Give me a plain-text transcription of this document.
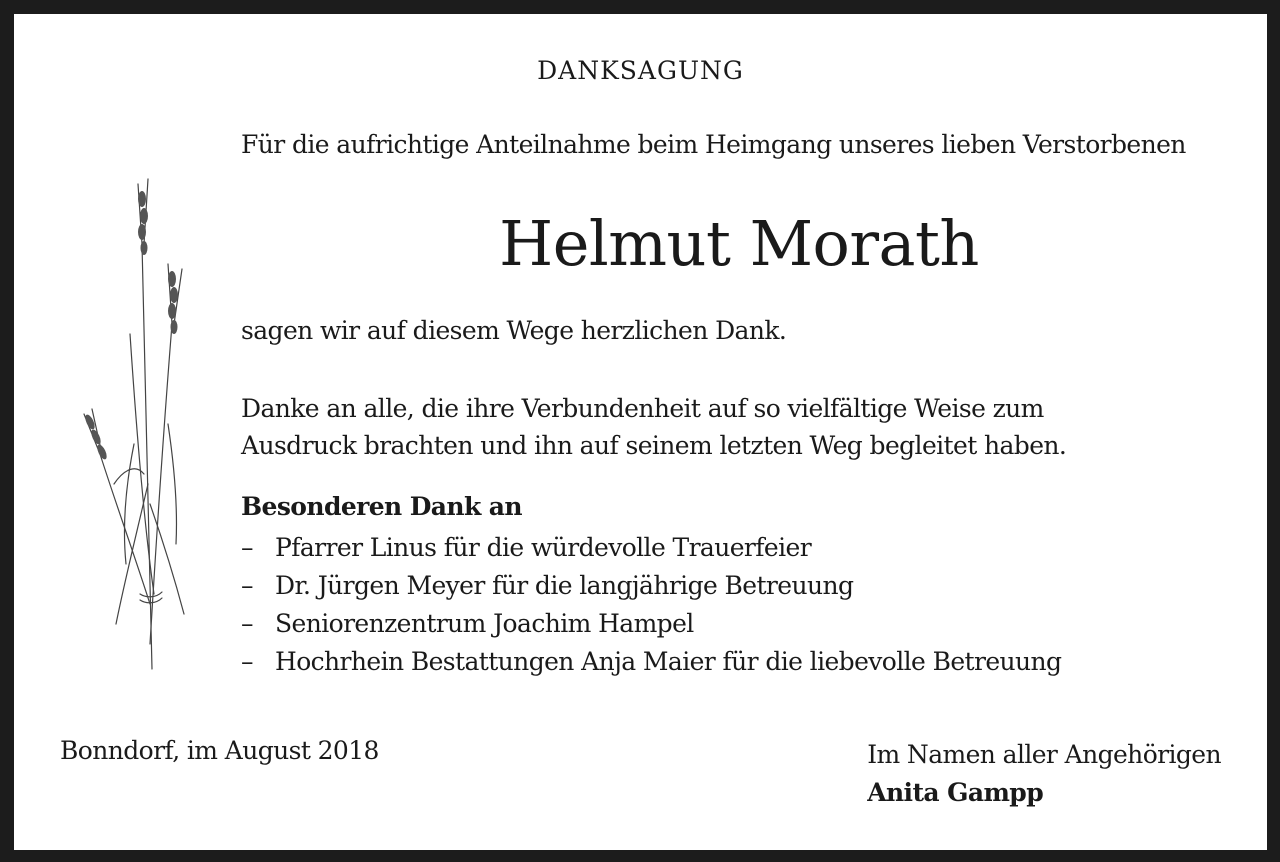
DANKSAGUNG
Für die aufrichtige Anteilnahme beim Heimgang unseres lieben Verstorbenen
Helmut Morath
sagen wir auf diesem Wege herzlichen Dank.
Danke an alle, die ihre Verbundenheit auf so vielfältige Weise zum
Ausdruck brachten und ihn auf seinem letzten Weg begleitet haben.
Besonderen Dank an
– Pfarrer Linus für die würdevolle Trauerfeier
– Dr. Jürgen Meyer für die langjährige Betreuung
– Seniorenzentrum Joachim Hampel
– Hochrhein Bestattungen Anja Maier für die liebevolle Betreuung
Bonndorf, im August 2018	Im Namen aller Angehörigen
Anita Gampp
